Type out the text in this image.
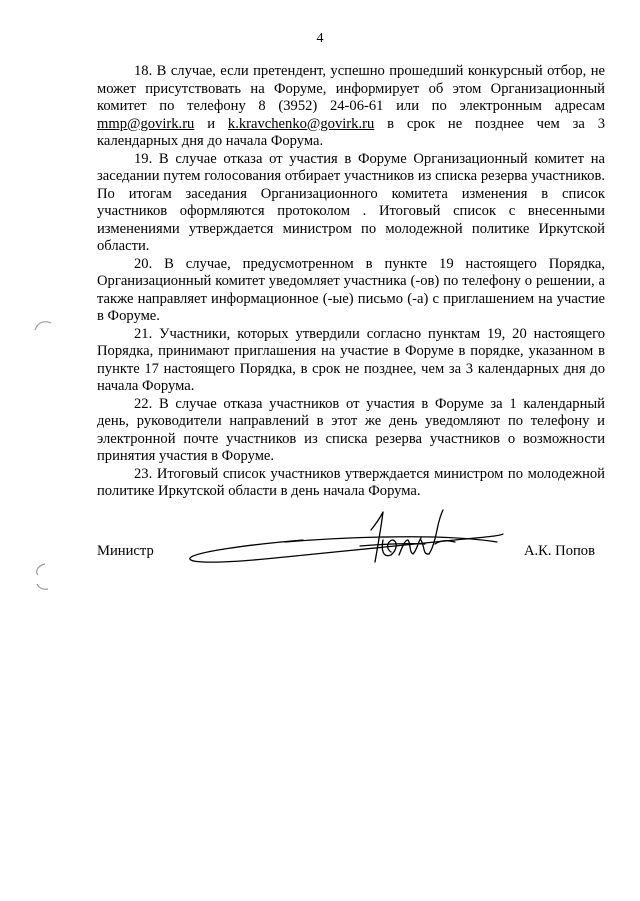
4

18. В случае, если претендент, успешно прошедший конкурсный отбор, не может присутствовать на Форуме, информирует об этом Организационный комитет по телефону 8 (3952) 24-06-61 или по электронным адресам mmp@govirk.ru и k.kravchenko@govirk.ru в срок не позднее чем за 3 календарных дня до начала Форума.

19. В случае отказа от участия в Форуме Организационный комитет на заседании путем голосования отбирает участников из списка резерва участников. По итогам заседания Организационного комитета изменения в список участников оформляются протоколом . Итоговый список с внесенными изменениями утверждается министром по молодежной политике Иркутской области.

20. В случае, предусмотренном в пункте 19 настоящего Порядка, Организационный комитет уведомляет участника (-ов) по телефону о решении, а также направляет информационное (-ые) письмо (-а) с приглашением на участие в Форуме.

21. Участники, которых утвердили согласно пунктам 19, 20 настоящего Порядка, принимают приглашения на участие в Форуме в порядке, указанном в пункте 17 настоящего Порядка, в срок не позднее, чем за 3 календарных дня до начала Форума.

22. В случае отказа участников от участия в Форуме за 1 календарный день, руководители направлений в этот же день уведомляют по телефону и электронной почте участников из списка резерва участников о возможности принятия участия в Форуме.

23. Итоговый список участников утверждается министром по молодежной политике Иркутской области в день начала Форума.

Министр	А.К. Попов
